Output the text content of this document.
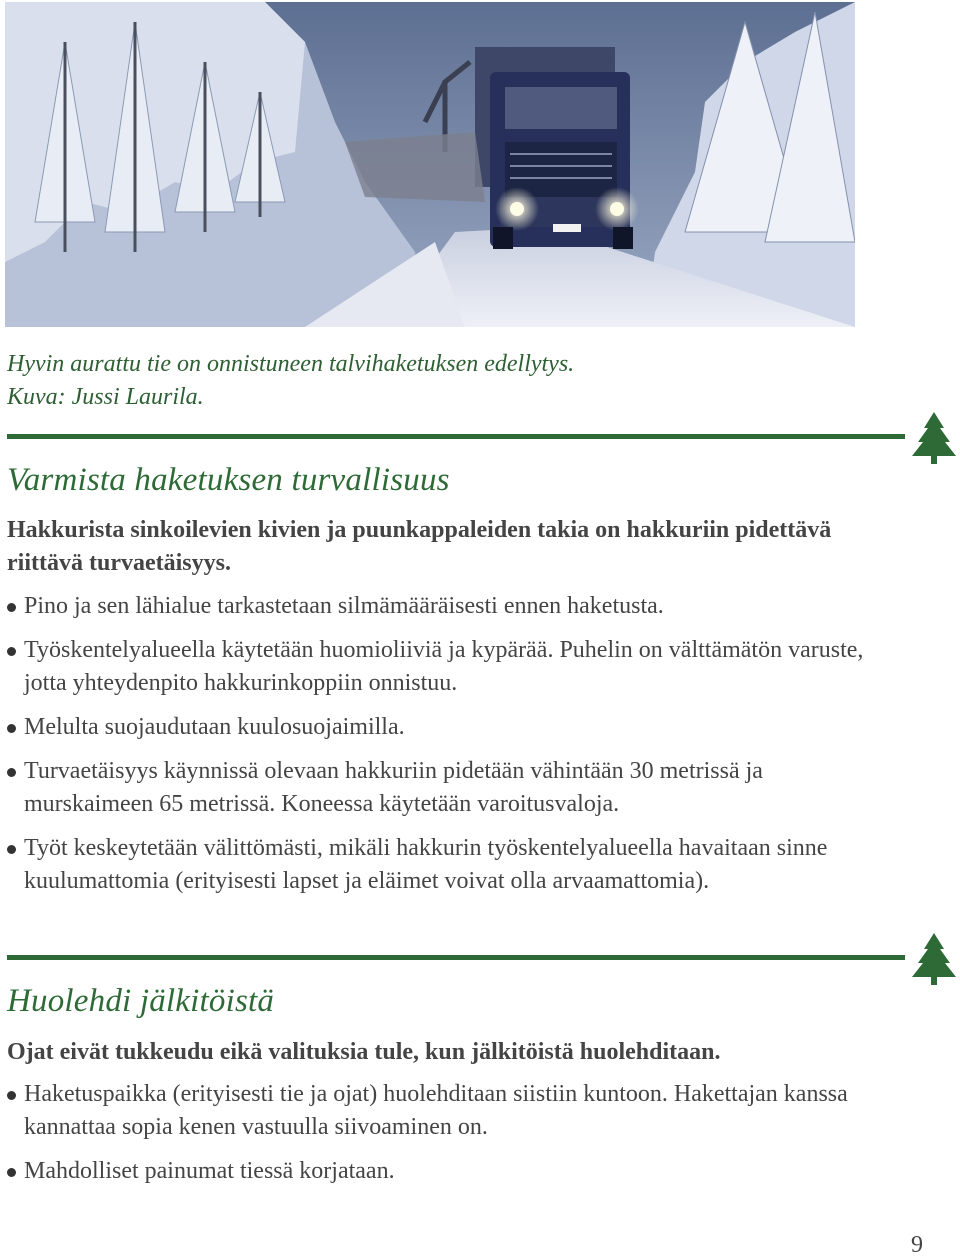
Hyvin aurattu tie on onnistuneen talvihaketuksen edellytys.
Kuva: Jussi Laurila.
Varmista haketuksen turvallisuus

Hakkurista sinkoilevien kivien ja puunkappaleiden takia on hakkuriin pidettävä riittävä turvaetäisyys.

Pino ja sen lähialue tarkastetaan silmämääräisesti ennen haketusta.
Työskentelyalueella käytetään huomioliiviä ja kypärää. Puhelin on välttämätön varuste, jotta yhteydenpito hakkurinkoppiin onnistuu.
Melulta suojaudutaan kuulosuojaimilla.
Turvaetäisyys käynnissä olevaan hakkuriin pidetään vähintään 30 metrissä ja murskaimeen 65 metrissä. Koneessa käytetään varoitusvaloja.
Työt keskeytetään välittömästi, mikäli hakkurin työskentelyalueella havaitaan sinne kuulumattomia (erityisesti lapset ja eläimet voivat olla arvaamattomia).
Huolehdi jälkitöistä

Ojat eivät tukkeudu eikä valituksia tule, kun jälkitöistä huolehditaan.

Haketuspaikka (erityisesti tie ja ojat) huolehditaan siistiin kuntoon. Hakettajan kanssa kannattaa sopia kenen vastuulla siivoaminen on.
Mahdolliset painumat tiessä korjataan.
9
